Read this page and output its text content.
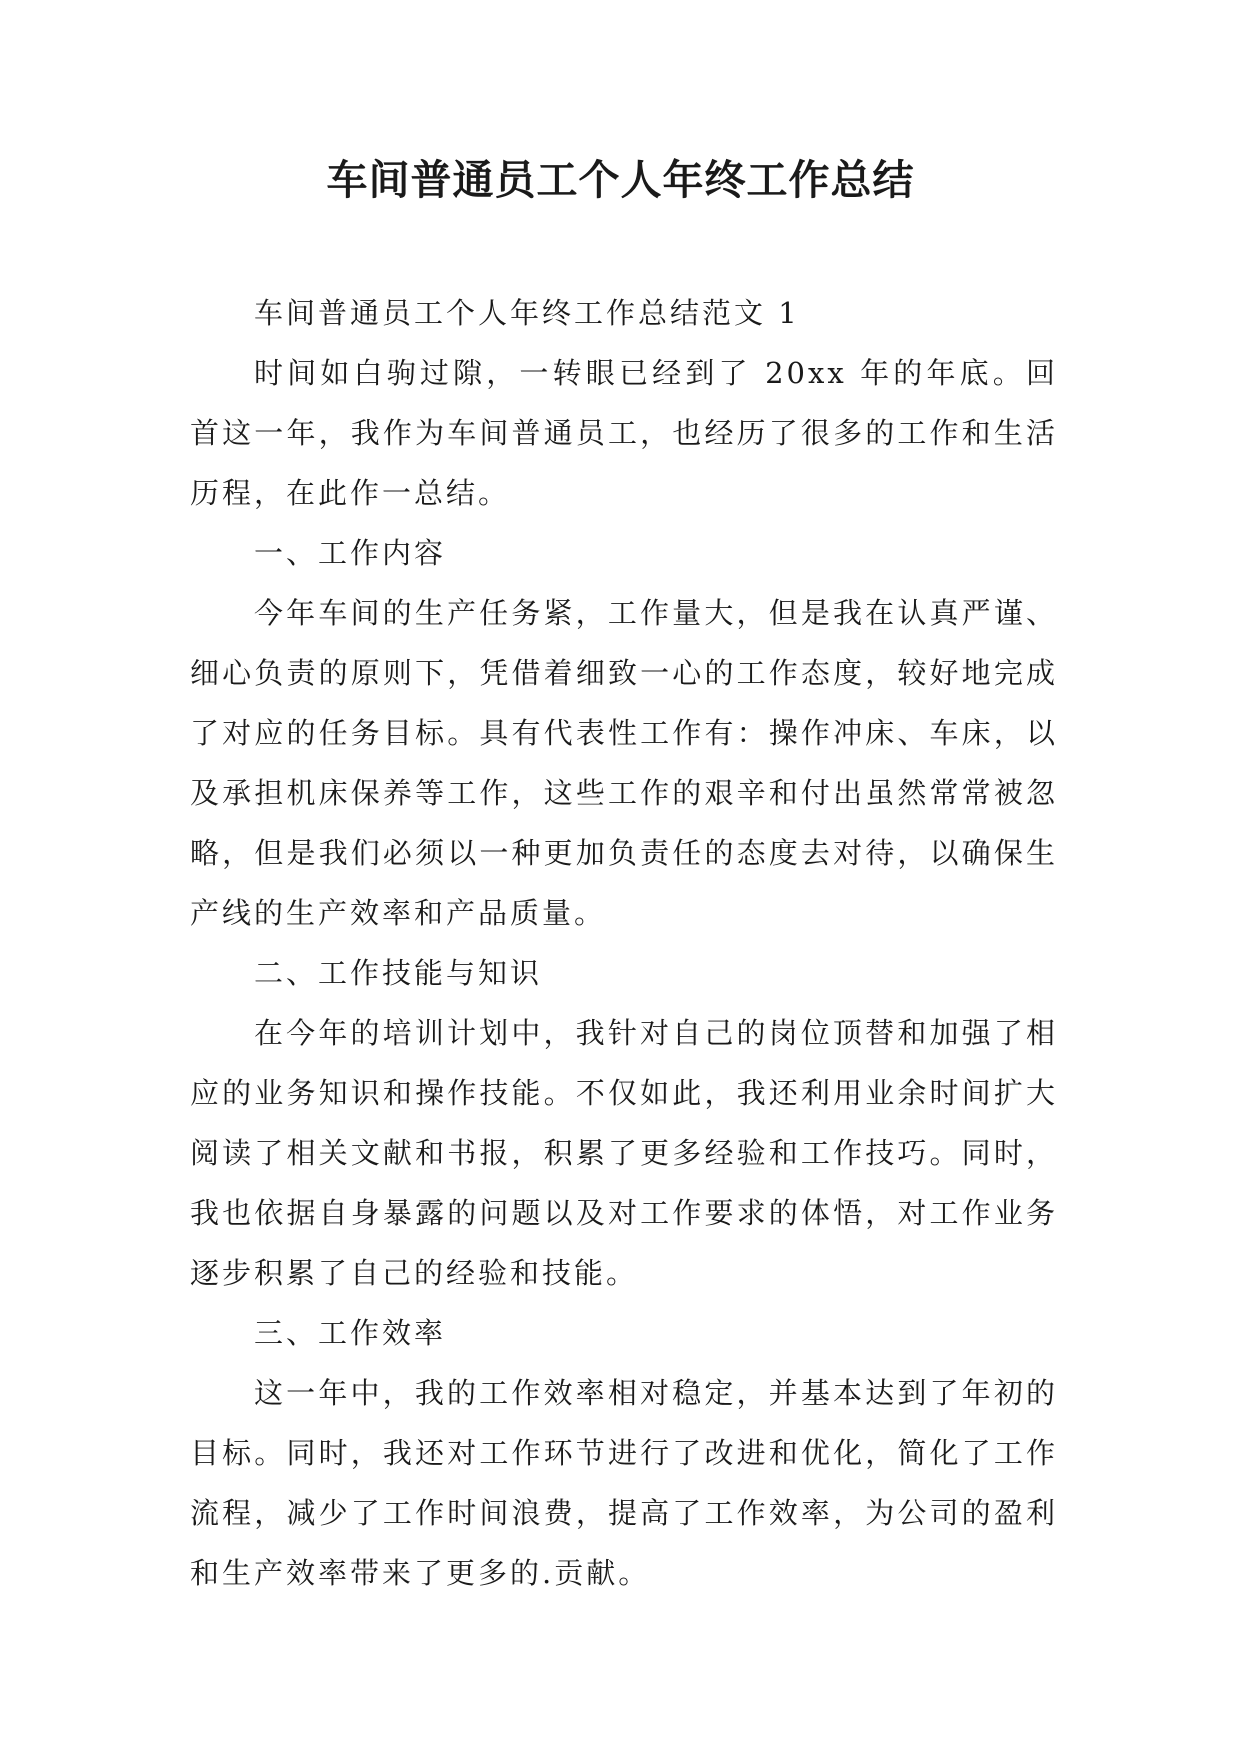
车间普通员工个人年终工作总结

车间普通员工个人年终工作总结范文 1

时间如白驹过隙，一转眼已经到了 20xx 年的年底。回首这一年，我作为车间普通员工，也经历了很多的工作和生活历程，在此作一总结。

一、工作内容

今年车间的生产任务紧，工作量大，但是我在认真严谨、细心负责的原则下，凭借着细致一心的工作态度，较好地完成了对应的任务目标。具有代表性工作有：操作冲床、车床，以及承担机床保养等工作，这些工作的艰辛和付出虽然常常被忽略，但是我们必须以一种更加负责任的态度去对待，以确保生产线的生产效率和产品质量。

二、工作技能与知识

在今年的培训计划中，我针对自己的岗位顶替和加强了相应的业务知识和操作技能。不仅如此，我还利用业余时间扩大阅读了相关文献和书报，积累了更多经验和工作技巧。同时，我也依据自身暴露的问题以及对工作要求的体悟，对工作业务逐步积累了自己的经验和技能。

三、工作效率

这一年中，我的工作效率相对稳定，并基本达到了年初的目标。同时，我还对工作环节进行了改进和优化，简化了工作流程，减少了工作时间浪费，提高了工作效率，为公司的盈利和生产效率带来了更多的.贡献。
